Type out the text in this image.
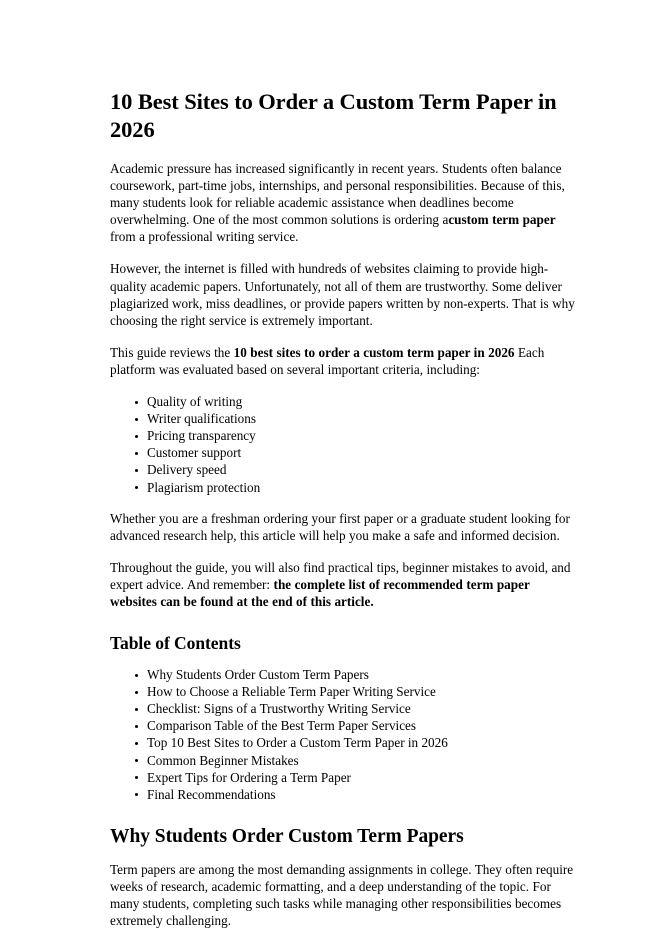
10 Best Sites to Order a Custom Term Paper in 2026

Academic pressure has increased significantly in recent years. Students often balance coursework, part-time jobs, internships, and personal responsibilities. Because of this, many students look for reliable academic assistance when deadlines become overwhelming. One of the most common solutions is ordering acustom term paper from a professional writing service.

However, the internet is filled with hundreds of websites claiming to provide high-quality academic papers. Unfortunately, not all of them are trustworthy. Some deliver plagiarized work, miss deadlines, or provide papers written by non-experts. That is why choosing the right service is extremely important.

This guide reviews the 10 best sites to order a custom term paper in 2026 Each platform was evaluated based on several important criteria, including:

Quality of writing
Writer qualifications
Pricing transparency
Customer support
Delivery speed
Plagiarism protection

Whether you are a freshman ordering your first paper or a graduate student looking for advanced research help, this article will help you make a safe and informed decision.

Throughout the guide, you will also find practical tips, beginner mistakes to avoid, and expert advice. And remember: the complete list of recommended term paper websites can be found at the end of this article.

Table of Contents
Why Students Order Custom Term Papers
How to Choose a Reliable Term Paper Writing Service
Checklist: Signs of a Trustworthy Writing Service
Comparison Table of the Best Term Paper Services
Top 10 Best Sites to Order a Custom Term Paper in 2026
Common Beginner Mistakes
Expert Tips for Ordering a Term Paper
Final Recommendations
Why Students Order Custom Term Papers

Term papers are among the most demanding assignments in college. They often require weeks of research, academic formatting, and a deep understanding of the topic. For many students, completing such tasks while managing other responsibilities becomes extremely challenging.
